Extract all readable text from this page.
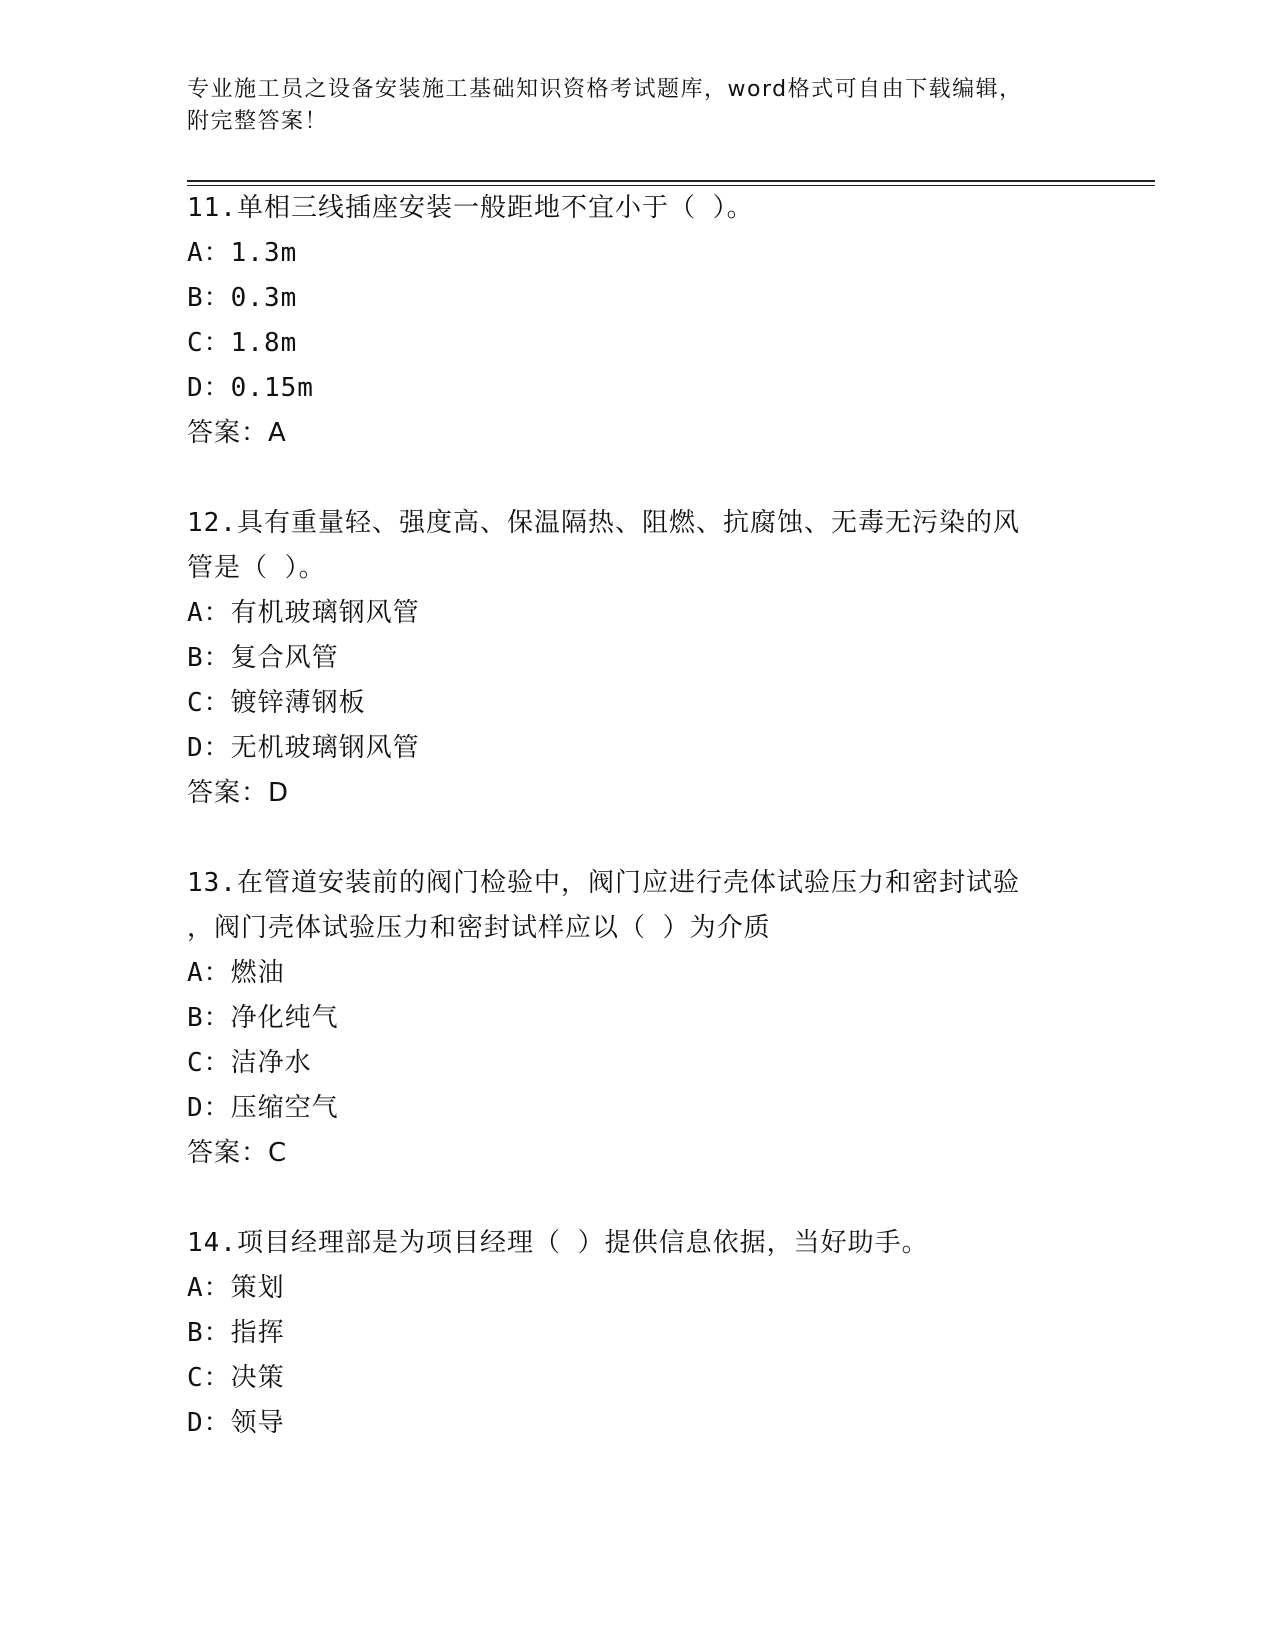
专业施工员之设备安装施工基础知识资格考试题库，word格式可自由下载编辑，
附完整答案！
11.单相三线插座安装一般距地不宜小于（ ）。
A：1.3m
B：0.3m
C：1.8m
D：0.15m
答案：A
12.具有重量轻、强度高、保温隔热、阻燃、抗腐蚀、无毒无污染的风
管是（ ）。
A：有机玻璃钢风管
B：复合风管
C：镀锌薄钢板
D：无机玻璃钢风管
答案：D
13.在管道安装前的阀门检验中，阀门应进行壳体试验压力和密封试验
，阀门壳体试验压力和密封试样应以（ ）为介质
A：燃油
B：净化纯气
C：洁净水
D：压缩空气
答案：C
14.项目经理部是为项目经理（ ）提供信息依据，当好助手。
A：策划
B：指挥
C：决策
D：领导
